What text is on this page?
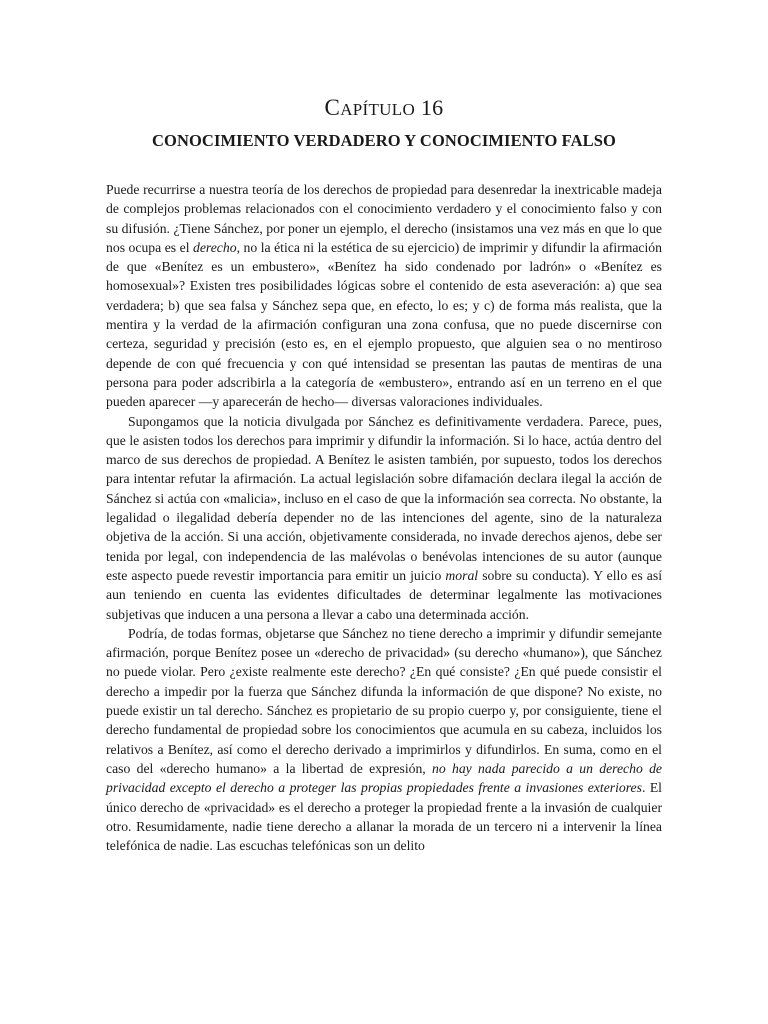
CAPÍTULO 16
CONOCIMIENTO VERDADERO Y CONOCIMIENTO FALSO

Puede recurrirse a nuestra teoría de los derechos de propiedad para desenredar la inextricable madeja de complejos problemas relacionados con el conocimiento verdadero y el conocimiento falso y con su difusión. ¿Tiene Sánchez, por poner un ejemplo, el derecho (insistamos una vez más en que lo que nos ocupa es el derecho, no la ética ni la estética de su ejercicio) de imprimir y difundir la afirmación de que «Benítez es un embustero», «Benítez ha sido condenado por ladrón» o «Benítez es homosexual»? Existen tres posibilidades lógicas sobre el contenido de esta aseveración: a) que sea verdadera; b) que sea falsa y Sánchez sepa que, en efecto, lo es; y c) de forma más realista, que la mentira y la verdad de la afirmación configuran una zona confusa, que no puede discernirse con certeza, seguridad y precisión (esto es, en el ejemplo propuesto, que alguien sea o no mentiroso depende de con qué frecuencia y con qué intensidad se presentan las pautas de mentiras de una persona para poder adscribirla a la categoría de «embustero», entrando así en un terreno en el que pueden aparecer —y aparecerán de hecho— diversas valoraciones individuales.

Supongamos que la noticia divulgada por Sánchez es definitivamente verdadera. Parece, pues, que le asisten todos los derechos para imprimir y difundir la información. Si lo hace, actúa dentro del marco de sus derechos de propiedad. A Benítez le asisten también, por supuesto, todos los derechos para intentar refutar la afirmación. La actual legislación sobre difamación declara ilegal la acción de Sánchez si actúa con «malicia», incluso en el caso de que la información sea correcta. No obstante, la legalidad o ilegalidad debería depender no de las intenciones del agente, sino de la naturaleza objetiva de la acción. Si una acción, objetivamente considerada, no invade derechos ajenos, debe ser tenida por legal, con independencia de las malévolas o benévolas intenciones de su autor (aunque este aspecto puede revestir importancia para emitir un juicio moral sobre su conducta). Y ello es así aun teniendo en cuenta las evidentes dificultades de determinar legalmente las motivaciones subjetivas que inducen a una persona a llevar a cabo una determinada acción.

Podría, de todas formas, objetarse que Sánchez no tiene derecho a imprimir y difundir semejante afirmación, porque Benítez posee un «derecho de privacidad» (su derecho «humano»), que Sánchez no puede violar. Pero ¿existe realmente este derecho? ¿En qué consiste? ¿En qué puede consistir el derecho a impedir por la fuerza que Sánchez difunda la información de que dispone? No existe, no puede existir un tal derecho. Sánchez es propietario de su propio cuerpo y, por consiguiente, tiene el derecho fundamental de propiedad sobre los conocimientos que acumula en su cabeza, incluidos los relativos a Benítez, así como el derecho derivado a imprimirlos y difundirlos. En suma, como en el caso del «derecho humano» a la libertad de expresión, no hay nada parecido a un derecho de privacidad excepto el derecho a proteger las propias propiedades frente a invasiones exteriores. El único derecho de «privacidad» es el derecho a proteger la propiedad frente a la invasión de cualquier otro. Resumidamente, nadie tiene derecho a allanar la morada de un tercero ni a intervenir la línea telefónica de nadie. Las escuchas telefónicas son un delito
